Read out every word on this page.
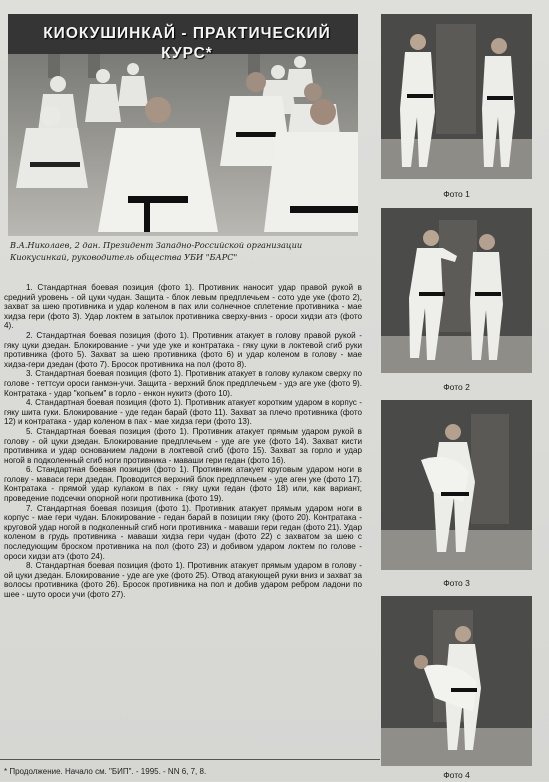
КИОКУШИНКАЙ - ПРАКТИЧЕСКИЙ
КУРС*
В.А.Николаев, 2 дан. Президент Западно-Российской организации Киокусинкай, руководитель общества УБИ "БАРС"

1. Стандартная боевая позиция (фото 1). Противник наносит удар правой рукой в средний уровень - ой цуки чудан. Защита - блок левым предплечьем - сото уде уке (фото 2), захват за шею противника и удар коленом в пах или солнечное сплетение противника - мае хидза гери (фото 3). Удар локтем в затылок противника сверху-вниз - ороси хидзи атэ (фото 4).

2. Стандартная боевая позиция (фото 1). Противник атакует в голову правой рукой - гяку цуки дзедан. Блокирование - учи уде уке и контратака - гяку цуки в локтевой сгиб руки противника (фото 5). Захват за шею противника (фото 6) и удар коленом в голову - мае хидза-гери дзедан (фото 7). Бросок противника на пол (фото 8).

3. Стандартная боевая позиция (фото 1). Противник атакует в голову кулаком сверху по голове - теттсуи ороси ганмэн-учи. Защита - верхний блок предплечьем - удэ аге уке (фото 9). Контратака - удар "копьем" в горло - енкон нукитэ (фото 10).

4. Стандартная боевая позиция (фото 1). Противник атакует коротким ударом в корпус - гяку шита гуки. Блокирование - уде гедан барай (фото 11). Захват за плечо противника (фото 12) и контратака - удар коленом в пах - мае хидза гери (фото 13).

5. Стандартная боевая позиция (фото 1). Противник атакует прямым ударом рукой в голову - ой цуки дзедан. Блокирование предплечьем - уде аге уке (фото 14). Захват кисти противника и удар основанием ладони в локтевой сгиб (фото 15). Захват за горло и удар ногой в подколенный сгиб ноги противника - маваши гери гедан (фото 16).

6. Стандартная боевая позиция (фото 1). Противник атакует круговым ударом ноги в голову - маваси гери дзедан. Проводится верхний блок предплечьем - уде аген уке (фото 17). Контратака - прямой удар кулаком в пах - гяку цуки гедан (фото 18) или, как вариант, проведение подсечки опорной ноги противника (фото 19).

7. Стандартная боевая позиция (фото 1). Противник атакует прямым ударом ноги в корпус - мае гери чудан. Блокирование - гедан барай в позиции гяку (фото 20). Контратака - круговой удар ногой в подколенный сгиб ноги противника - маваши гери гедан (фото 21). Удар коленом в грудь противника - маваши хидза гери чудан (фото 22) с захватом за шею с последующим броском противника на пол (фото 23) и добивом ударом локтем по голове - ороси хидзи атэ (фото 24).

8. Стандартная боевая позиция (фото 1). Противник атакует прямым ударом в голову - ой цуки дзедан. Блокирование - уде аге уке (фото 25). Отвод атакующей руки вниз и захват за волосы противника (фото 26). Бросок противника на пол и добив ударом ребром ладони по шее - шуто ороси учи (фото 27).

* Продолжение. Начало см. "БИП". - 1995. - NN 6, 7, 8.
Фото 1
Фото 2
Фото 3
Фото 4
